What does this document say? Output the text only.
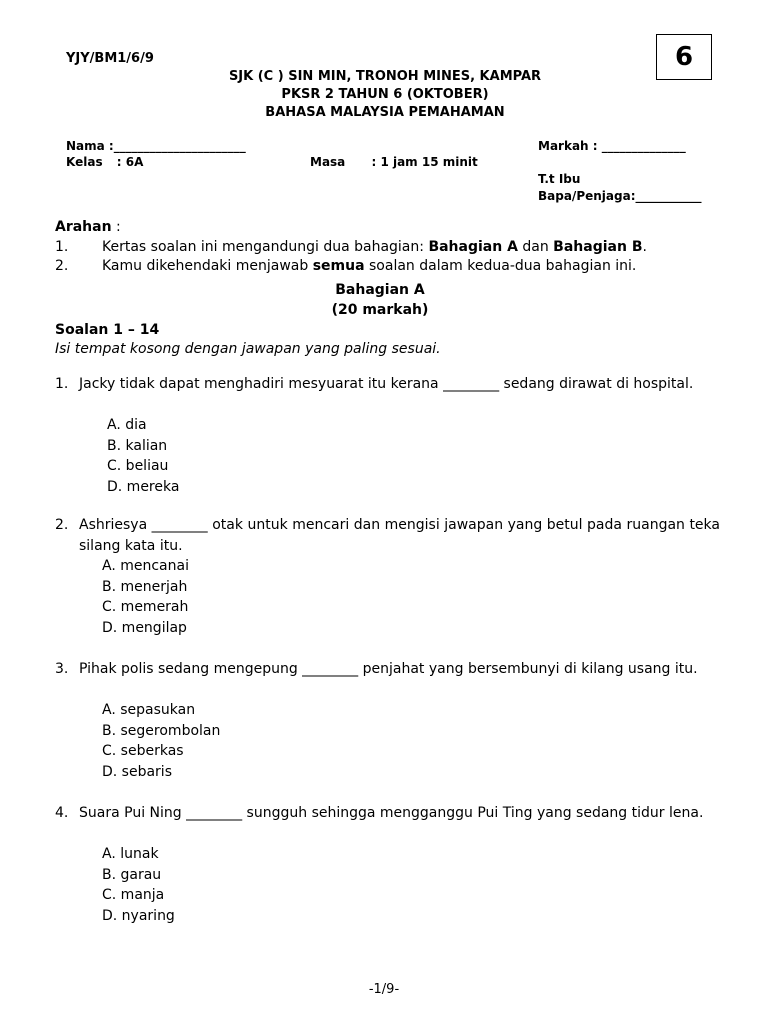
YJY/BM1/6/9
SJK (C ) SIN MIN, TRONOH MINES, KAMPAR
PKSR 2 TAHUN 6 (OKTOBER)
BAHASA MALAYSIA PEMAHAMAN
6
Nama :______________________
Kelas : 6A	Masa : 1 jam 15 minit
Markah : ______________
T.t Ibu
Bapa/Penjaga:___________
Arahan :
1. Kertas soalan ini mengandungi dua bahagian: Bahagian A dan Bahagian B.
2. Kamu dikehendaki menjawab semua soalan dalam kedua-dua bahagian ini.
Bahagian A
(20 markah)
Soalan 1 – 14
Isi tempat kosong dengan jawapan yang paling sesuai.
1. Jacky tidak dapat menghadiri mesyuarat itu kerana ________ sedang dirawat di hospital.
A. dia
B. kalian
C. beliau
D. mereka
2. Ashriesya ________ otak untuk mencari dan mengisi jawapan yang betul pada ruangan teka silang kata itu.
A. mencanai
B. menerjah
C. memerah
D. mengilap
3. Pihak polis sedang mengepung ________ penjahat yang bersembunyi di kilang usang itu.
A. sepasukan
B. segerombolan
C. seberkas
D. sebaris
4. Suara Pui Ning ________ sungguh sehingga mengganggu Pui Ting yang sedang tidur lena.
A. lunak
B. garau
C. manja
D. nyaring
-1/9-
